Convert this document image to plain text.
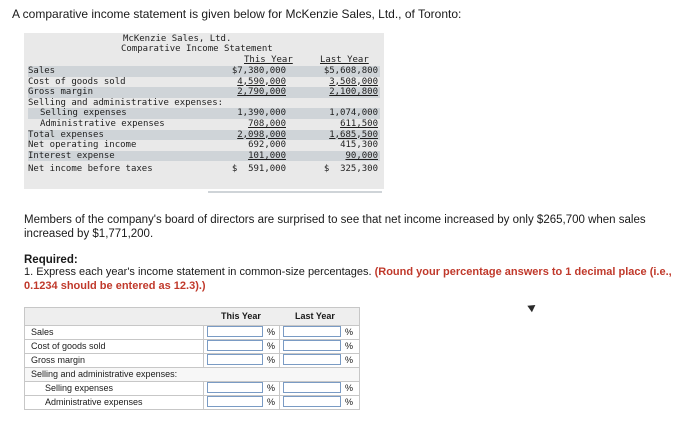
A comparative income statement is given below for McKenzie Sales, Ltd., of Toronto:
McKenzie Sales, Ltd.
Comparative Income Statement
This Year	Last Year
Sales	$7,380,000	$5,608,800
Cost of goods sold	4,590,000	3,508,000
Gross margin	2,790,000	2,100,800
Selling and administrative expenses:
Selling expenses	1,390,000	1,074,000
Administrative expenses	708,000	611,500
Total expenses	2,098,000	1,685,500
Net operating income	692,000	415,300
Interest expense	101,000	90,000
Net income before taxes	$  591,000	$  325,300
Members of the company's board of directors are surprised to see that net income increased by only $265,700 when sales increased by $1,771,200.
Required:
1. Express each year's income statement in common-size percentages. (Round your percentage answers to 1 decimal place (i.e., 0.1234 should be entered as 12.3).)
This Year	Last Year
Sales	%	%
Cost of goods sold	%	%
Gross margin	%	%
Selling and administrative expenses:
Selling expenses	%	%
Administrative expenses	%	%
